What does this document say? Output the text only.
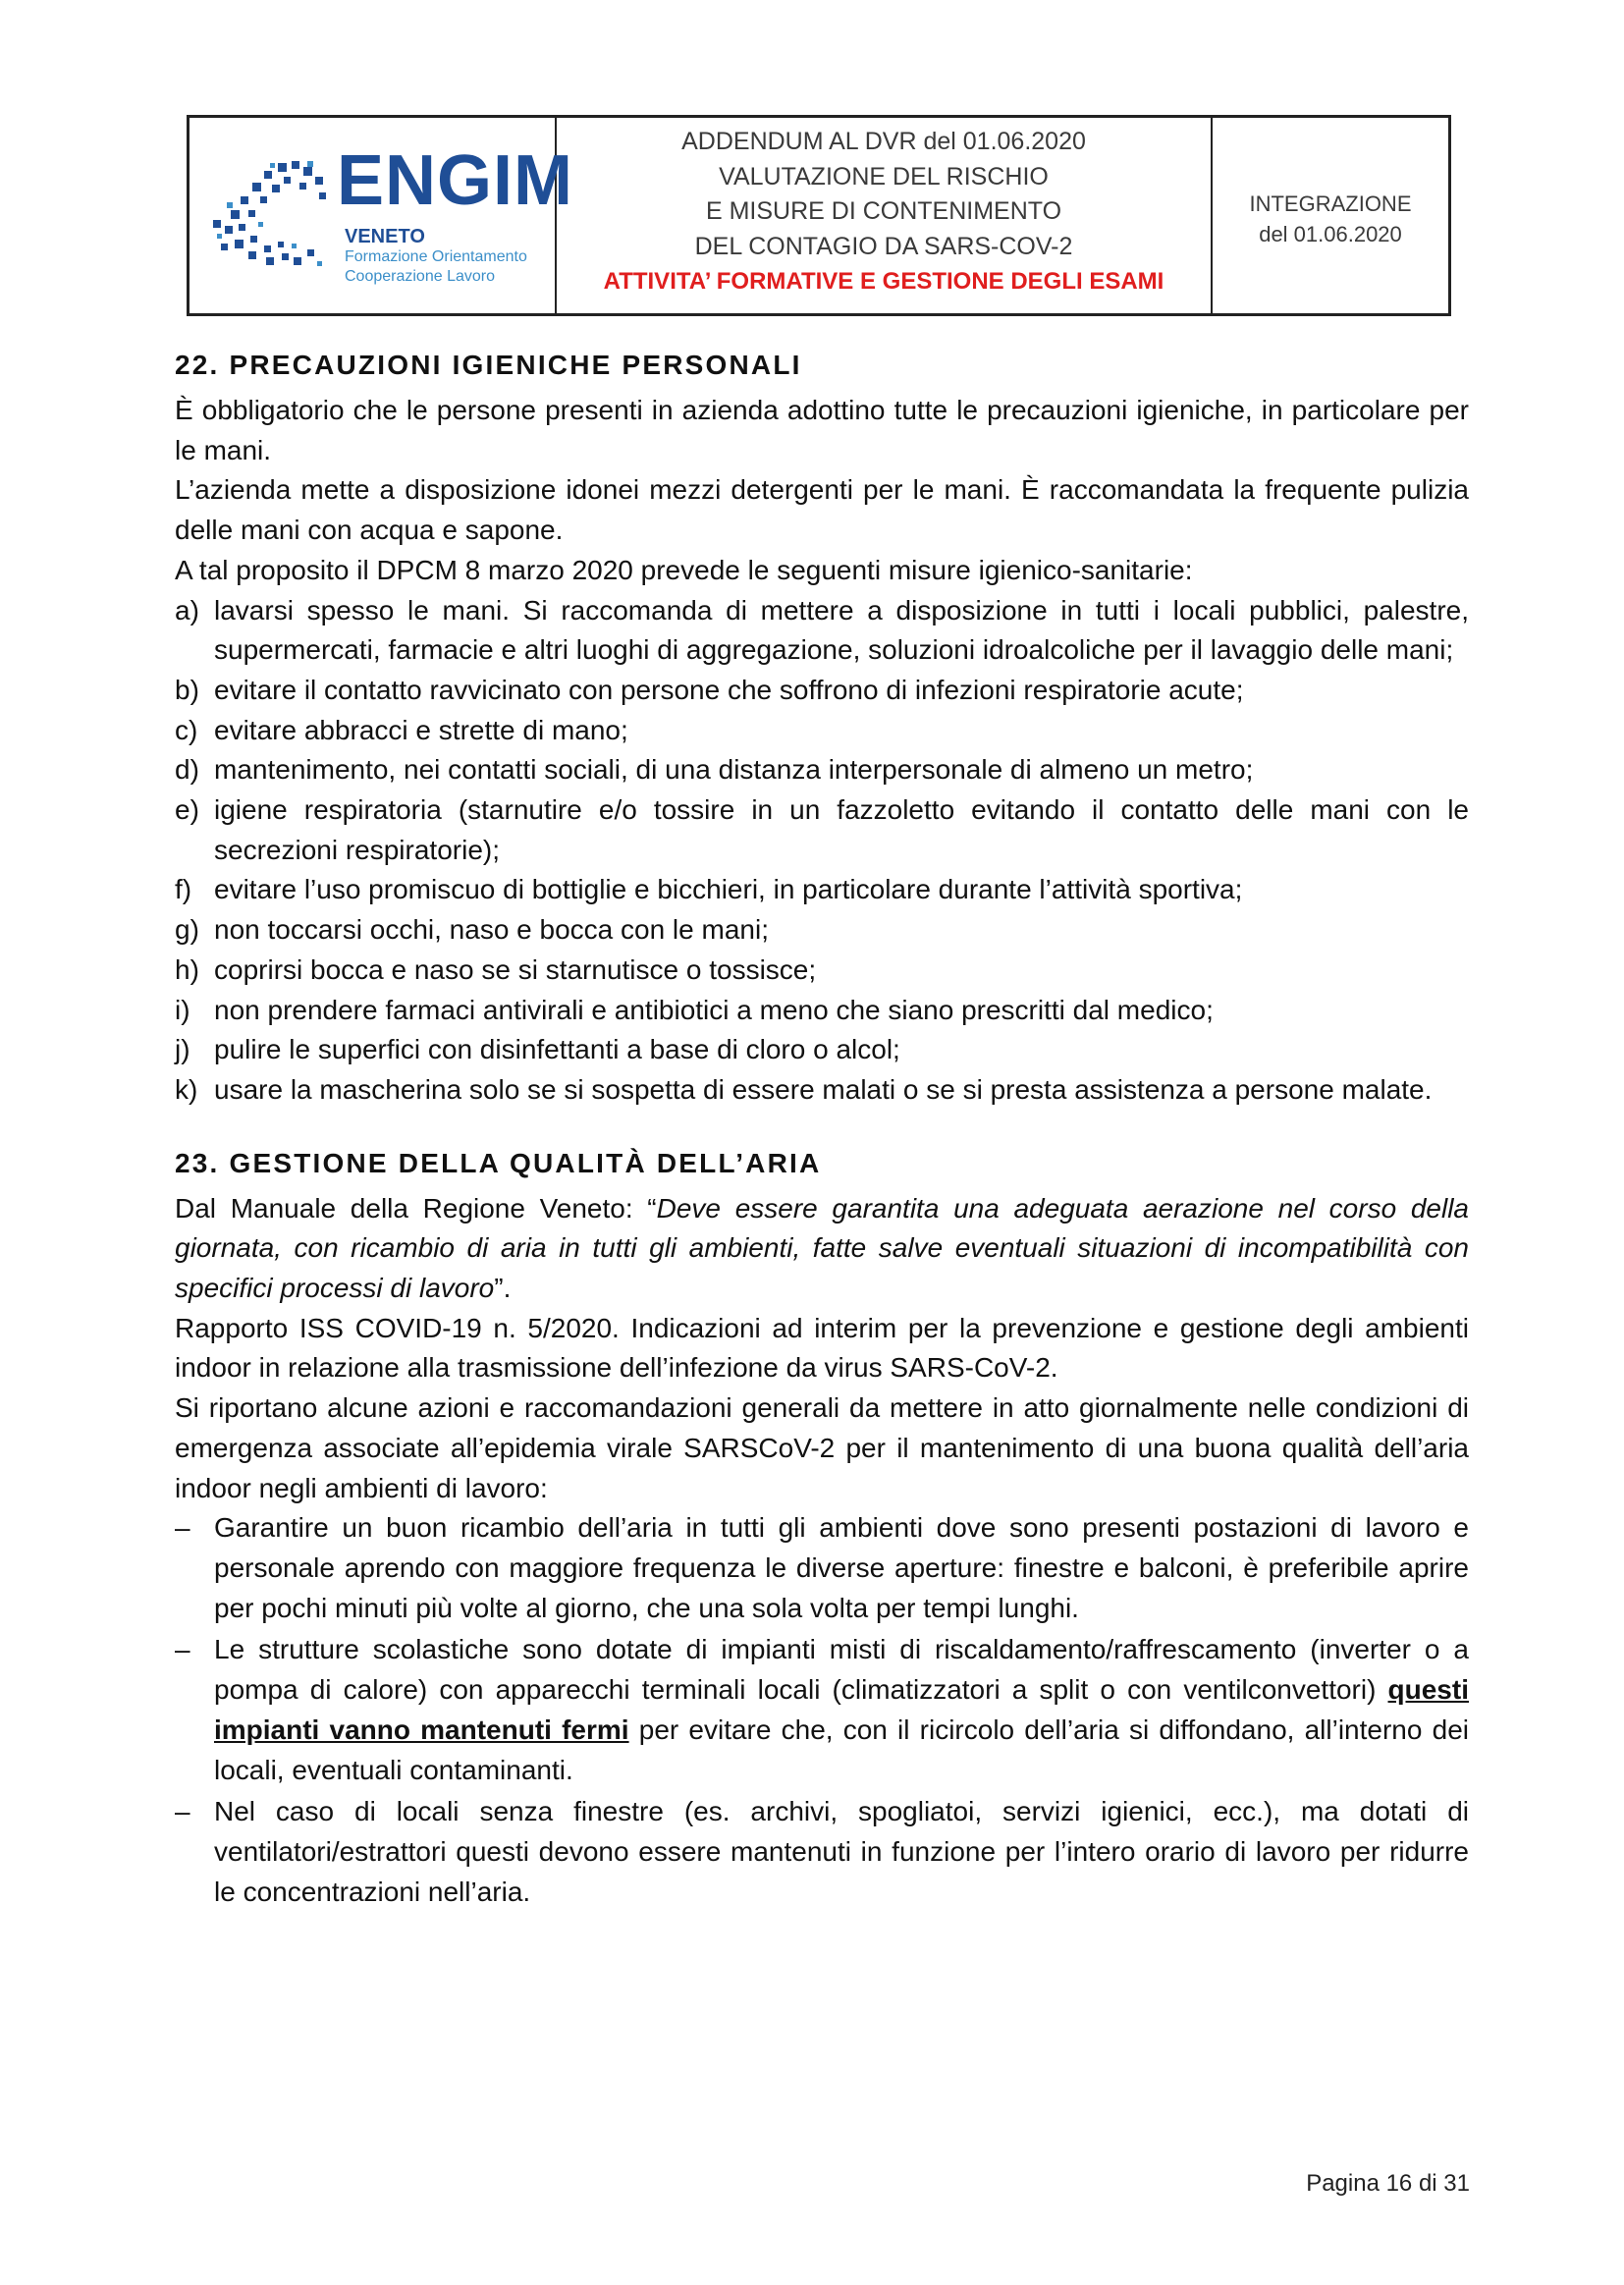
ENGIM
VENETO
Formazione Orientamento
Cooperazione Lavoro
ADDENDUM AL DVR del 01.06.2020
VALUTAZIONE DEL RISCHIO
E MISURE DI CONTENIMENTO
DEL CONTAGIO DA SARS-COV-2
ATTIVITA’ FORMATIVE E GESTIONE DEGLI ESAMI
INTEGRAZIONE
del 01.06.2020
22. PRECAUZIONI IGIENICHE PERSONALI

È obbligatorio che le persone presenti in azienda adottino tutte le precauzioni igieniche, in particolare per le mani.

L’azienda mette a disposizione idonei mezzi detergenti per le mani. È raccomandata la frequente pulizia delle mani con acqua e sapone.

A tal proposito il DPCM 8 marzo 2020 prevede le seguenti misure igienico-sanitarie:

a) lavarsi spesso le mani. Si raccomanda di mettere a disposizione in tutti i locali pubblici, palestre, supermercati, farmacie e altri luoghi di aggregazione, soluzioni idroalcoliche per il lavaggio delle mani;
b) evitare il contatto ravvicinato con persone che soffrono di infezioni respiratorie acute;
c) evitare abbracci e strette di mano;
d) mantenimento, nei contatti sociali, di una distanza interpersonale di almeno un metro;
e) igiene respiratoria (starnutire e/o tossire in un fazzoletto evitando il contatto delle mani con le secrezioni respiratorie);
f) evitare l’uso promiscuo di bottiglie e bicchieri, in particolare durante l’attività sportiva;
g) non toccarsi occhi, naso e bocca con le mani;
h) coprirsi bocca e naso se si starnutisce o tossisce;
i) non prendere farmaci antivirali e antibiotici a meno che siano prescritti dal medico;
j) pulire le superfici con disinfettanti a base di cloro o alcol;
k) usare la mascherina solo se si sospetta di essere malati o se si presta assistenza a persone malate.
23. GESTIONE DELLA QUALITÀ DELL’ARIA

Dal Manuale della Regione Veneto: “Deve essere garantita una adeguata aerazione nel corso della giornata, con ricambio di aria in tutti gli ambienti, fatte salve eventuali situazioni di incompatibilità con specifici processi di lavoro”.

Rapporto ISS COVID-19 n. 5/2020. Indicazioni ad interim per la prevenzione e gestione degli ambienti indoor in relazione alla trasmissione dell’infezione da virus SARS-CoV-2.

Si riportano alcune azioni e raccomandazioni generali da mettere in atto giornalmente nelle condizioni di emergenza associate all’epidemia virale SARSCoV-2 per il mantenimento di una buona qualità dell’aria indoor negli ambienti di lavoro:

– Garantire un buon ricambio dell’aria in tutti gli ambienti dove sono presenti postazioni di lavoro e personale aprendo con maggiore frequenza le diverse aperture: finestre e balconi, è preferibile aprire per pochi minuti più volte al giorno, che una sola volta per tempi lunghi.
– Le strutture scolastiche sono dotate di impianti misti di riscaldamento/raffrescamento (inverter o a pompa di calore) con apparecchi terminali locali (climatizzatori a split o con ventilconvettori) questi impianti vanno mantenuti fermi per evitare che, con il ricircolo dell’aria si diffondano, all’interno dei locali, eventuali contaminanti.
– Nel caso di locali senza finestre (es. archivi, spogliatoi, servizi igienici, ecc.), ma dotati di ventilatori/estrattori questi devono essere mantenuti in funzione per l’intero orario di lavoro per ridurre le concentrazioni nell’aria.
Pagina 16 di 31
